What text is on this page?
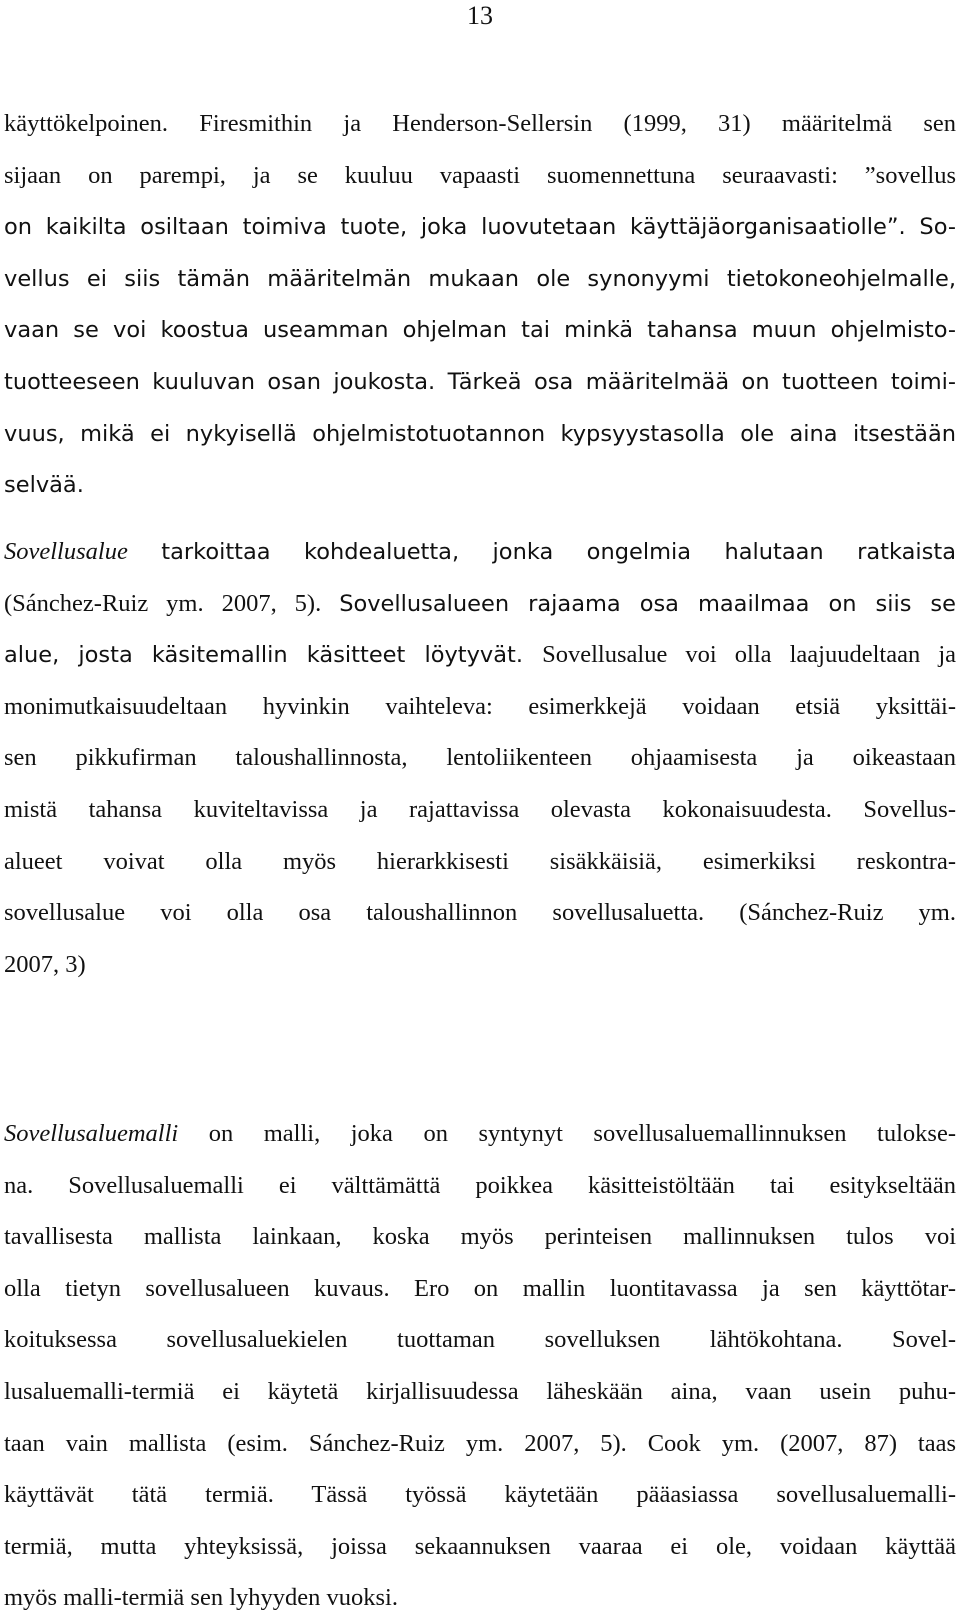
13
käyttökelpoinen. Firesmithin ja Henderson-Sellersin (1999, 31) määritelmä sen
sijaan on parempi, ja se kuuluu vapaasti suomennettuna seuraavasti: ”sovellus
on kaikilta osiltaan toimiva tuote, joka luovutetaan käyttäjäorganisaatiolle”. So-
vellus ei siis tämän määritelmän mukaan ole synonyymi tietokoneohjelmalle,
vaan se voi koostua useamman ohjelman tai minkä tahansa muun ohjelmisto-
tuotteeseen kuuluvan osan joukosta. Tärkeä osa määritelmää on tuotteen toimi-
vuus, mikä ei nykyisellä ohjelmistotuotannon kypsyystasolla ole aina itsestään
selvää.
Sovellusalue tarkoittaa kohdealuetta, jonka ongelmia halutaan ratkaista
(Sánchez-Ruiz ym. 2007, 5). Sovellusalueen rajaama osa maailmaa on siis se
alue, josta käsitemallin käsitteet löytyvät. Sovellusalue voi olla laajuudeltaan ja
monimutkaisuudeltaan hyvinkin vaihteleva: esimerkkejä voidaan etsiä yksittäi-
sen pikkufirman taloushallinnosta, lentoliikenteen ohjaamisesta ja oikeastaan
mistä tahansa kuviteltavissa ja rajattavissa olevasta kokonaisuudesta. Sovellus-
alueet voivat olla myös hierarkkisesti sisäkkäisiä, esimerkiksi reskontra-
sovellusalue voi olla osa taloushallinnon sovellusaluetta. (Sánchez-Ruiz ym.
2007, 3)
Sovellusaluemalli on malli, joka on syntynyt sovellusaluemallinnuksen tulokse-
na. Sovellusaluemalli ei välttämättä poikkea käsitteistöltään tai esitykseltään
tavallisesta mallista lainkaan, koska myös perinteisen mallinnuksen tulos voi
olla tietyn sovellusalueen kuvaus. Ero on mallin luontitavassa ja sen käyttötar-
koituksessa sovellusaluekielen tuottaman sovelluksen lähtökohtana. Sovel-
lusaluemalli-termiä ei käytetä kirjallisuudessa läheskään aina, vaan usein puhu-
taan vain mallista (esim. Sánchez-Ruiz ym. 2007, 5). Cook ym. (2007, 87) taas
käyttävät tätä termiä. Tässä työssä käytetään pääasiassa sovellusaluemalli-
termiä, mutta yhteyksissä, joissa sekaannuksen vaaraa ei ole, voidaan käyttää
myös malli-termiä sen lyhyyden vuoksi.
